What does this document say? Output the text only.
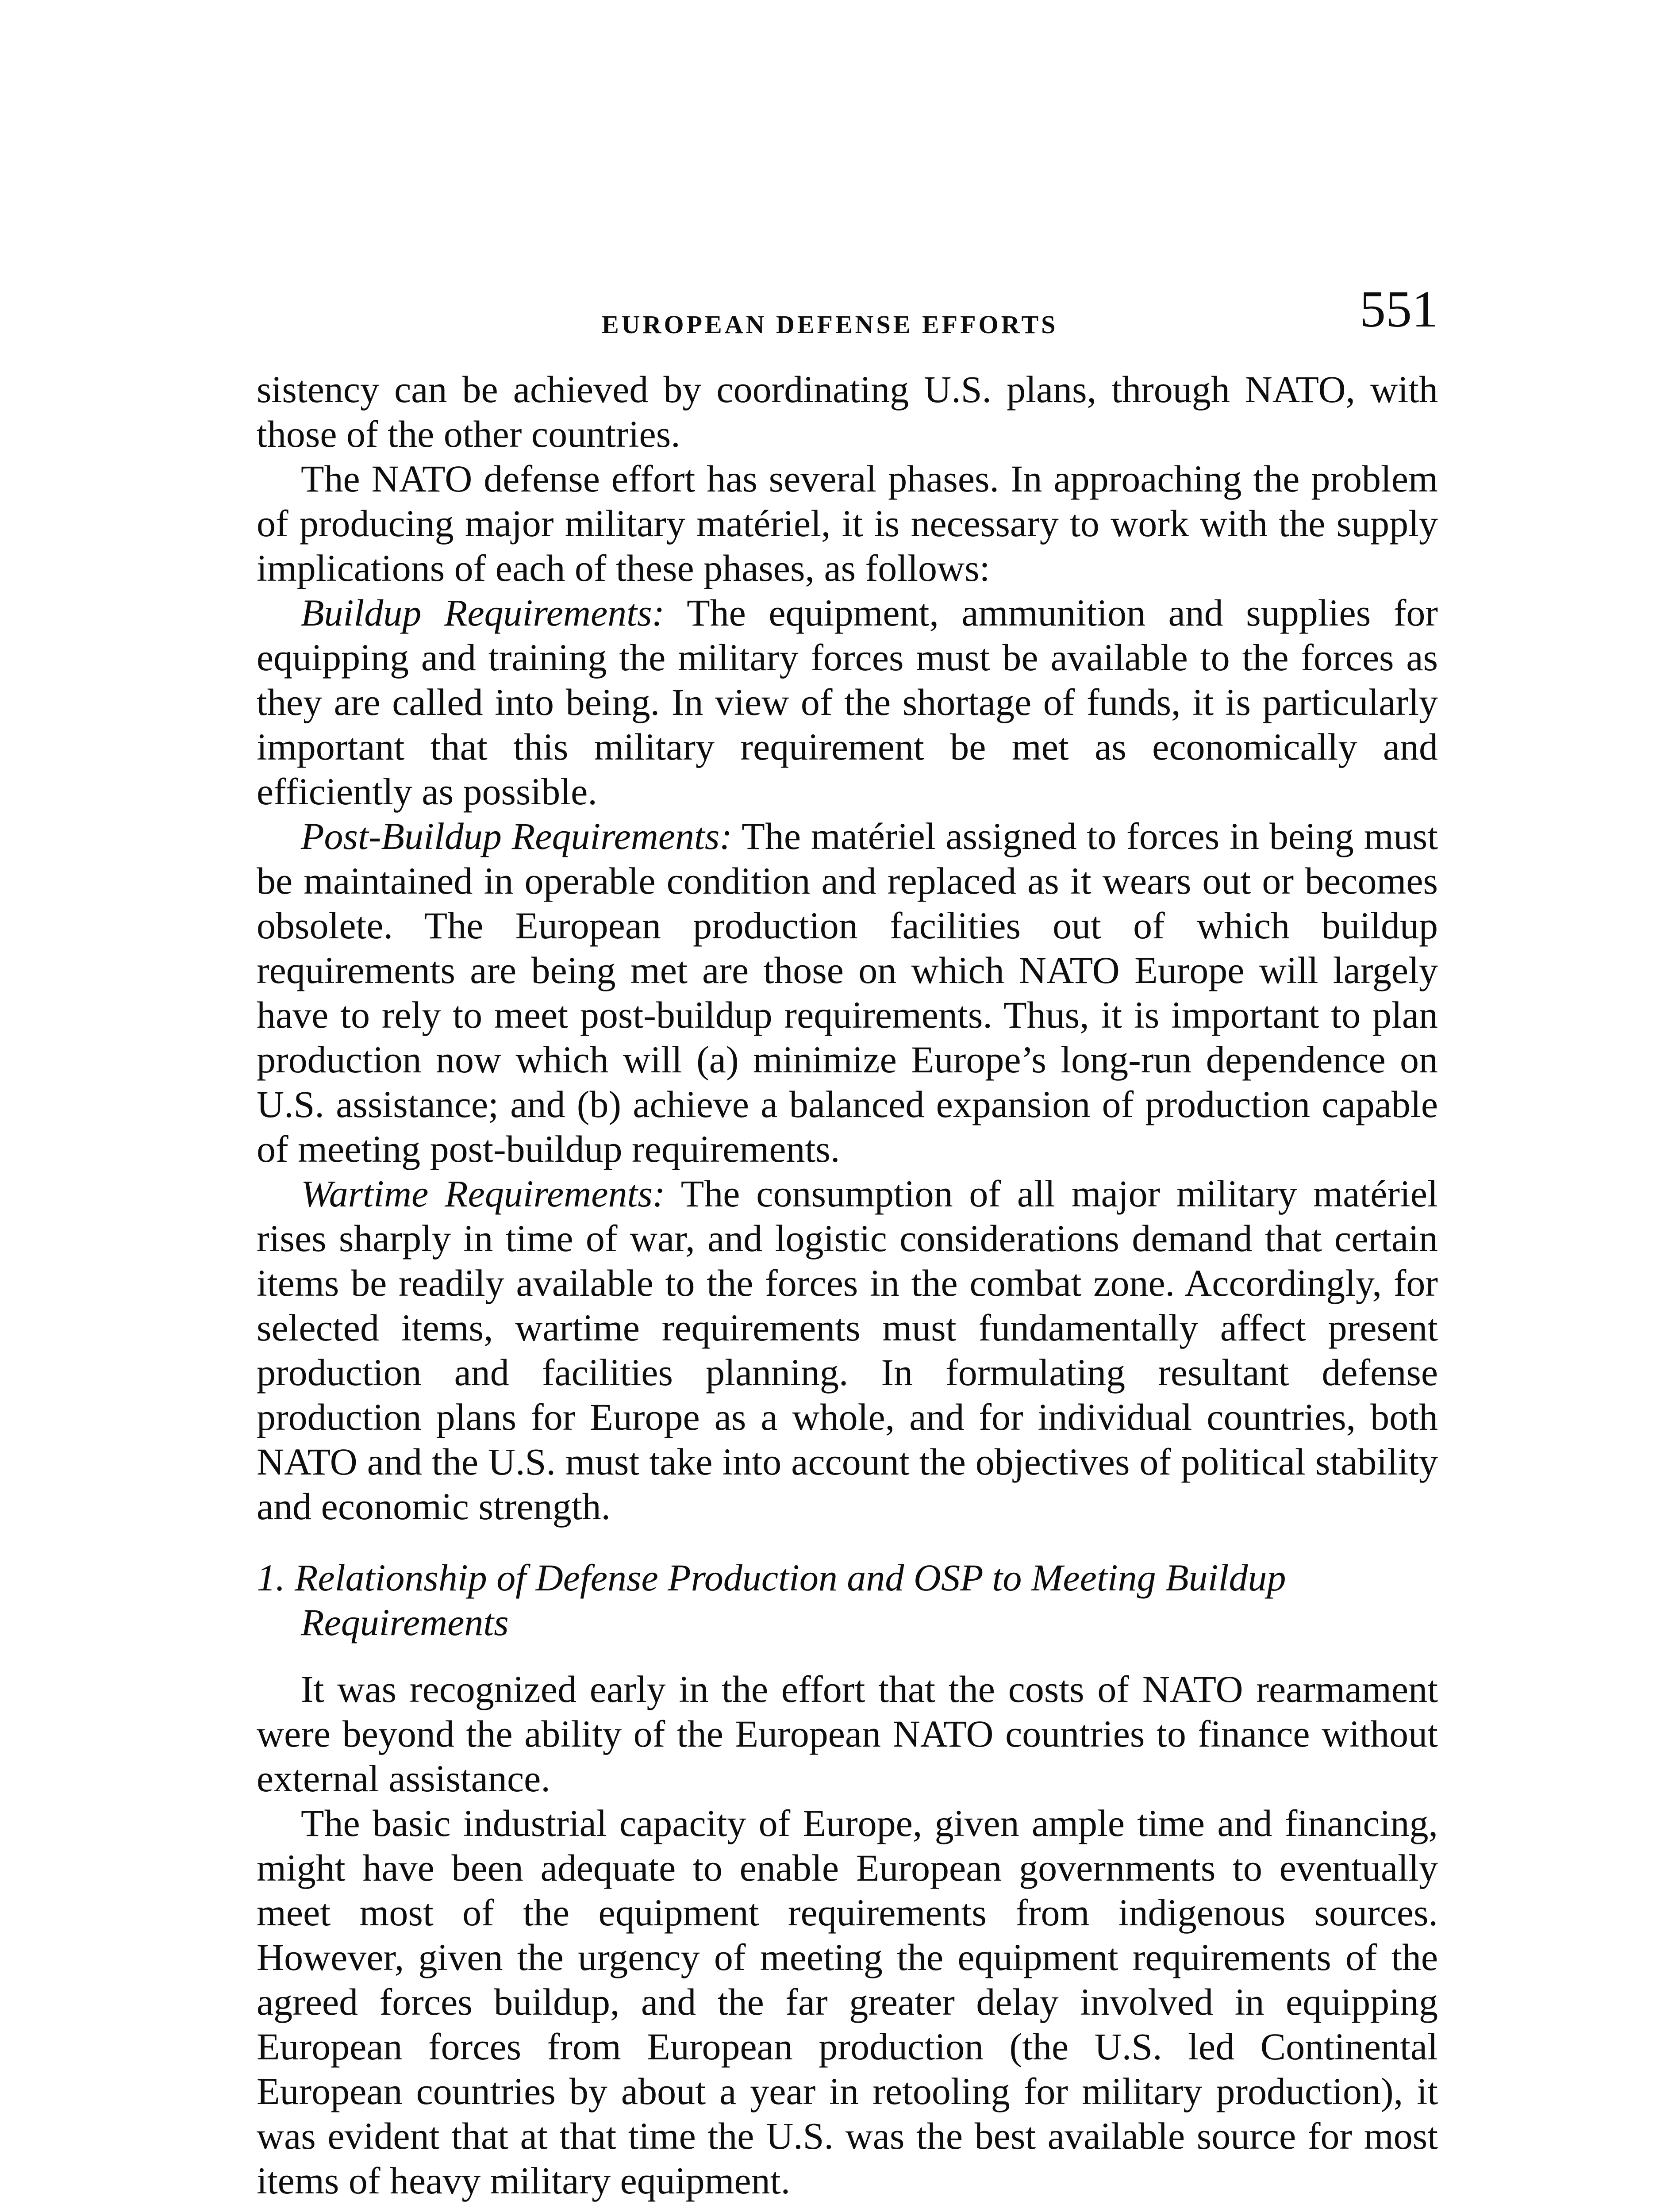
EUROPEAN DEFENSE EFFORTS	551

sistency can be achieved by coordinating U.S. plans, through NATO, with those of the other countries.

The NATO defense effort has several phases. In approaching the problem of producing major military matériel, it is necessary to work with the supply implications of each of these phases, as follows:

Buildup Requirements: The equipment, ammunition and supplies for equipping and training the military forces must be available to the forces as they are called into being. In view of the shortage of funds, it is particularly important that this military requirement be met as economically and efficiently as possible.

Post-Buildup Requirements: The matériel assigned to forces in being must be maintained in operable condition and replaced as it wears out or becomes obsolete. The European production facilities out of which buildup requirements are being met are those on which NATO Europe will largely have to rely to meet post-buildup requirements. Thus, it is important to plan production now which will (a) minimize Europe’s long-run dependence on U.S. assistance; and (b) achieve a balanced expansion of production capable of meeting post-buildup requirements.

Wartime Requirements: The consumption of all major military matériel rises sharply in time of war, and logistic considerations demand that certain items be readily available to the forces in the combat zone. Accordingly, for selected items, wartime requirements must fundamentally affect present production and facilities planning. In formulating resultant defense production plans for Europe as a whole, and for individual countries, both NATO and the U.S. must take into account the objectives of political stability and economic strength.

1. Relationship of Defense Production and OSP to Meeting Buildup Requirements

It was recognized early in the effort that the costs of NATO rearmament were beyond the ability of the European NATO countries to finance without external assistance.

The basic industrial capacity of Europe, given ample time and financing, might have been adequate to enable European governments to eventually meet most of the equipment requirements from indigenous sources. However, given the urgency of meeting the equipment requirements of the agreed forces buildup, and the far greater delay involved in equipping European forces from European production (the U.S. led Continental European countries by about a year in retooling for military production), it was evident that at that time the U.S. was the best available source for most items of heavy military equipment.
